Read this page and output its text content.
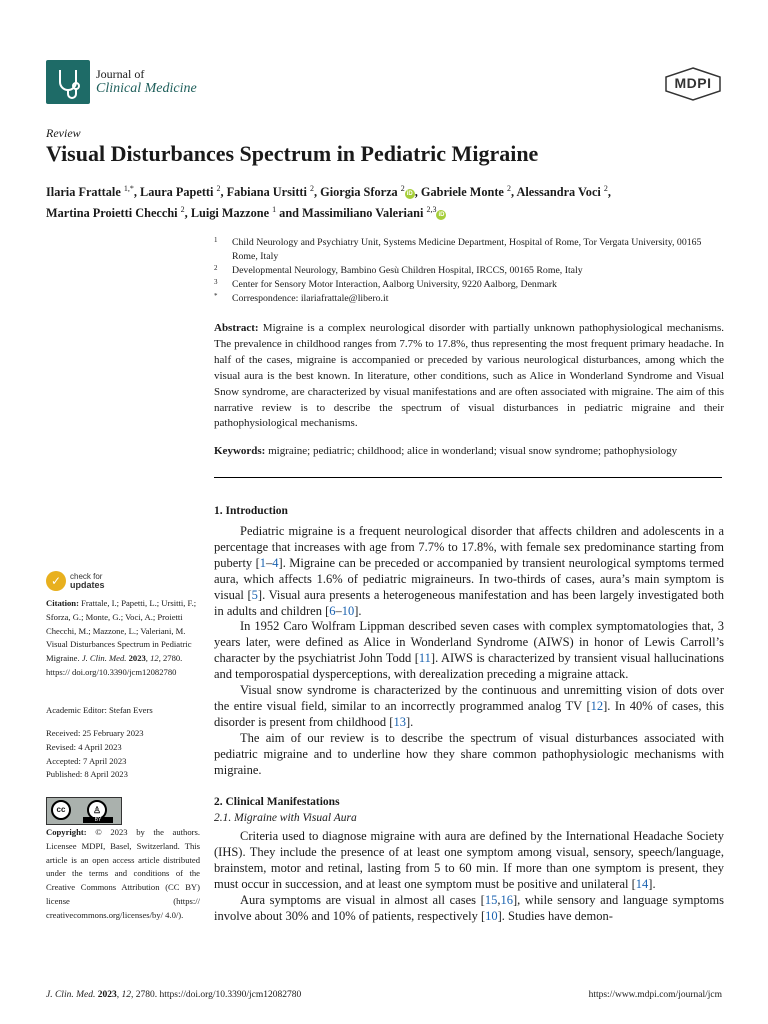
Journal of
Clinical Medicine	MDPI
Review
Visual Disturbances Spectrum in Pediatric Migraine
Ilaria Frattale $^{1,*}$, Laura Papetti $^2$, Fabiana Ursitti $^2$, Giorgia Sforza $^2$iD , Gabriele Monte $^2$, Alessandra Voci $^2$,
Martina Proietti Checchi $^2$, Luigi Mazzone $^1$ and Massimiliano Valeriani $^{2,3}$iD
1 Child Neurology and Psychiatry Unit, Systems Medicine Department, Hospital of Rome, Tor Vergata University, 00165 Rome, Italy
2 Developmental Neurology, Bambino Gesù Children Hospital, IRCCS, 00165 Rome, Italy
3 Center for Sensory Motor Interaction, Aalborg University, 9220 Aalborg, Denmark
* Correspondence: ilariafrattale@libero.it
Abstract: Migraine is a complex neurological disorder with partially unknown pathophysiological mechanisms. The prevalence in childhood ranges from 7.7% to 17.8%, thus representing the most frequent primary headache. In half of the cases, migraine is accompanied or preceded by various neurological disturbances, among which the visual aura is the best known. In literature, other conditions, such as Alice in Wonderland Syndrome and Visual Snow syndrome, are characterized by visual manifestations and are often associated with migraine. The aim of this narrative review is to describe the spectrum of visual disturbances in pediatric migraine and their pathophysiological mechanisms.
Keywords: migraine; pediatric; childhood; alice in wonderland; visual snow syndrome; pathophysiology
1. Introduction

Pediatric migraine is a frequent neurological disorder that affects children and adolescents in a percentage that increases with age from 7.7% to 17.8%, with female sex predominance starting from puberty [1–4]. Migraine can be preceded or accompanied by transient neurological symptoms termed aura, which affects 1.6% of pediatric migraineurs. In two-thirds of cases, aura’s main symptom is visual [5]. Visual aura presents a heterogeneous manifestation and has been largely investigated both in adults and children [6–10].

In 1952 Caro Wolfram Lippman described seven cases with complex symptomatologies that, 3 years later, were defined as Alice in Wonderland Syndrome (AIWS) in honor of Lewis Carroll’s character by the psychiatrist John Todd [11]. AIWS is characterized by transient visual hallucinations and temporospatial dysperceptions, with derealization preceding a migraine attack.

Visual snow syndrome is characterized by the continuous and unremitting vision of dots over the entire visual field, similar to an incorrectly programmed analog TV [12]. In 40% of cases, this disorder is present from childhood [13].

The aim of our review is to describe the spectrum of visual disturbances associated with pediatric migraine and to underline how they share common pathophysiologic mechanisms with migraine.

2. Clinical Manifestations
2.1. Migraine with Visual Aura

Criteria used to diagnose migraine with aura are defined by the International Headache Society (IHS). They include the presence of at least one symptom among visual, sensory, speech/language, brainstem, motor and retinal, lasting from 5 to 60 min. If more than one symptom is present, they must occur in succession, and at least one symptom must be positive and unilateral [14].

Aura symptoms are visual in almost all cases [15,16], while sensory and language symptoms involve about 30% and 10% of patients, respectively [10]. Studies have demon-

✓	check for
updates
Citation: Frattale, I.; Papetti, L.; Ursitti, F.; Sforza, G.; Monte, G.; Voci, A.; Proietti Checchi, M.; Mazzone, L.; Valeriani, M. Visual Disturbances Spectrum in Pediatric Migraine. J. Clin. Med. 2023, 12, 2780. https:// doi.org/10.3390/jcm12082780
Academic Editor: Stefan Evers
Received: 25 February 2023
Revised: 4 April 2023
Accepted: 7 April 2023
Published: 8 April 2023
cc	♙
BY
Copyright: © 2023 by the authors. Licensee MDPI, Basel, Switzerland. This article is an open access article distributed under the terms and conditions of the Creative Commons Attribution (CC BY) license (https:// creativecommons.org/licenses/by/ 4.0/).
J. Clin. Med. 2023, 12, 2780. https://doi.org/10.3390/jcm12082780	https://www.mdpi.com/journal/jcm
